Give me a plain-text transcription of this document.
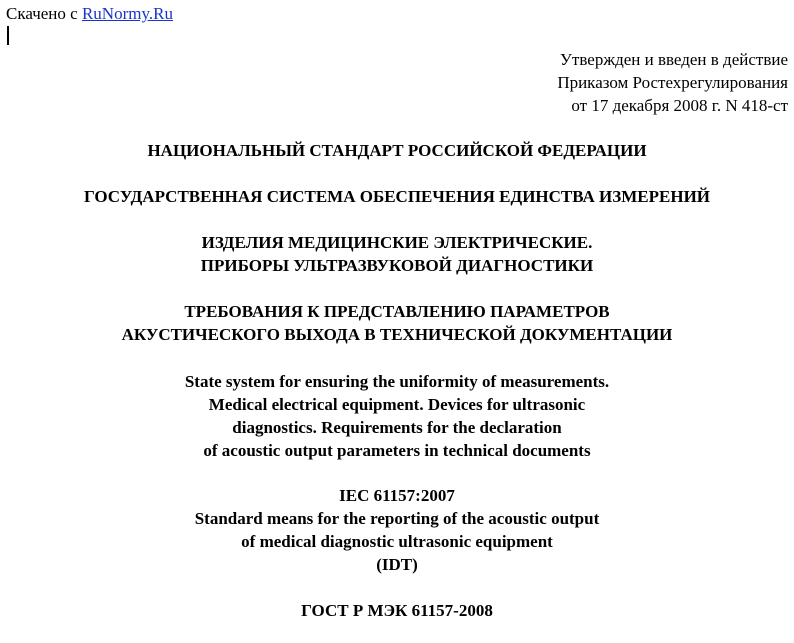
Скачено с RuNormy.Ru
Утвержден и введен в действие
Приказом Ростехрегулирования
от 17 декабря 2008 г. N 418-ст
НАЦИОНАЛЬНЫЙ СТАНДАРТ РОССИЙСКОЙ ФЕДЕРАЦИИ
ГОСУДАРСТВЕННАЯ СИСТЕМА ОБЕСПЕЧЕНИЯ ЕДИНСТВА ИЗМЕРЕНИЙ
ИЗДЕЛИЯ МЕДИЦИНСКИЕ ЭЛЕКТРИЧЕСКИЕ.
ПРИБОРЫ УЛЬТРАЗВУКОВОЙ ДИАГНОСТИКИ
ТРЕБОВАНИЯ К ПРЕДСТАВЛЕНИЮ ПАРАМЕТРОВ
АКУСТИЧЕСКОГО ВЫХОДА В ТЕХНИЧЕСКОЙ ДОКУМЕНТАЦИИ
State system for ensuring the uniformity of measurements.
Medical electrical equipment. Devices for ultrasonic
diagnostics. Requirements for the declaration
of acoustic output parameters in technical documents
IEC 61157:2007
Standard means for the reporting of the acoustic output
of medical diagnostic ultrasonic equipment
(IDT)
ГОСТ Р МЭК 61157-2008
